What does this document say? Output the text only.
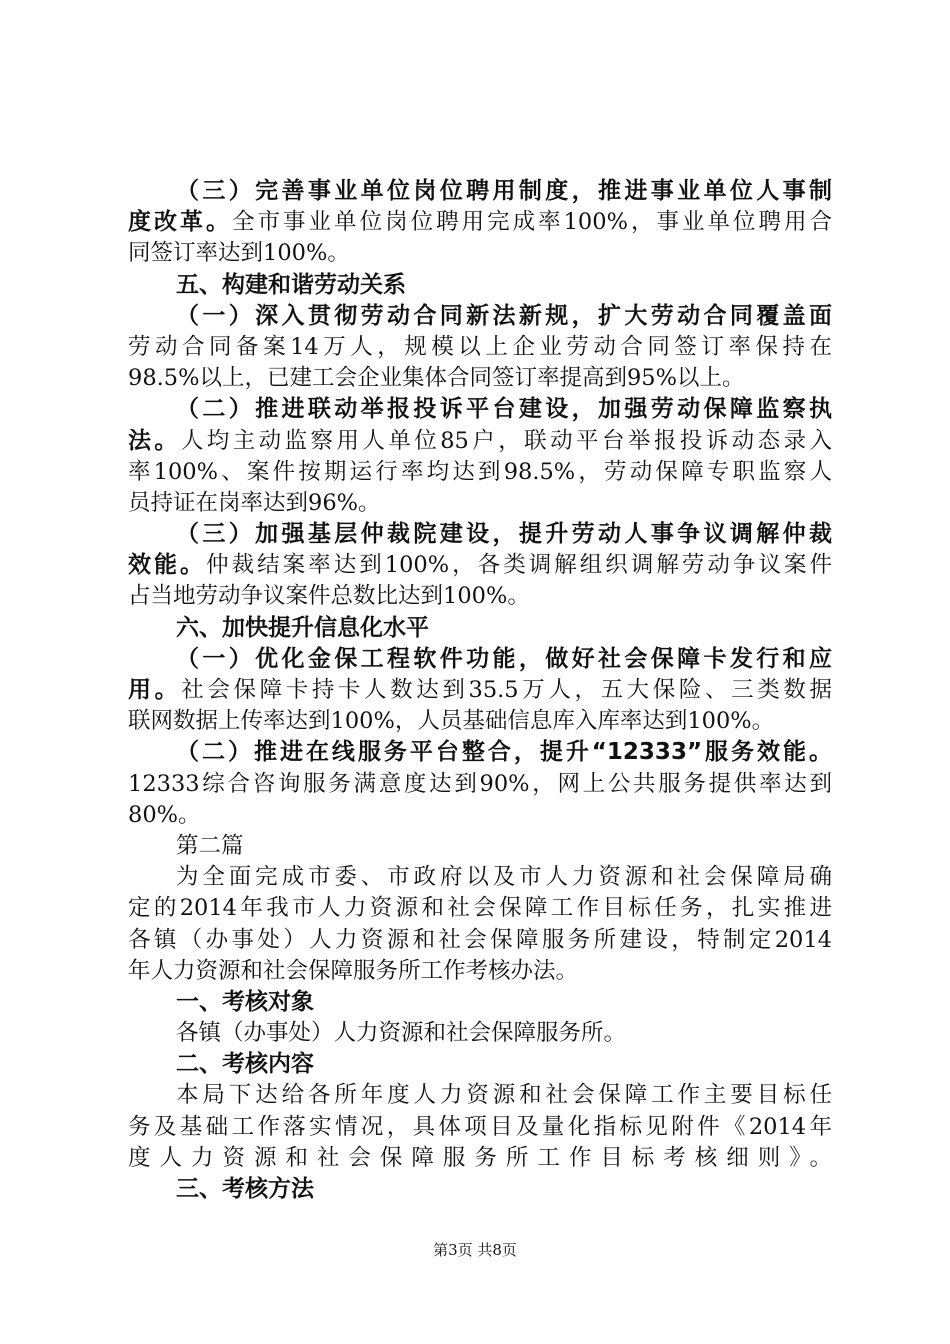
（三）完善事业单位岗位聘用制度，推进事业单位人事制
度改革。全市事业单位岗位聘用完成率100%，事业单位聘用合
同签订率达到100%。
五、构建和谐劳动关系
（一）深入贯彻劳动合同新法新规，扩大劳动合同覆盖面
劳动合同备案14万人，规模以上企业劳动合同签订率保持在
98.5%以上，已建工会企业集体合同签订率提高到95%以上。
（二）推进联动举报投诉平台建设，加强劳动保障监察执
法。人均主动监察用人单位85户，联动平台举报投诉动态录入
率100%、案件按期运行率均达到98.5%，劳动保障专职监察人
员持证在岗率达到96%。
（三）加强基层仲裁院建设，提升劳动人事争议调解仲裁
效能。仲裁结案率达到100%，各类调解组织调解劳动争议案件
占当地劳动争议案件总数比达到100%。
六、加快提升信息化水平
（一）优化金保工程软件功能，做好社会保障卡发行和应
用。社会保障卡持卡人数达到35.5万人，五大保险、三类数据
联网数据上传率达到100%，人员基础信息库入库率达到100%。
（二）推进在线服务平台整合，提升“12333”服务效能。
12333综合咨询服务满意度达到90%，网上公共服务提供率达到
80%。
第二篇
为全面完成市委、市政府以及市人力资源和社会保障局确
定的2014年我市人力资源和社会保障工作目标任务，扎实推进
各镇（办事处）人力资源和社会保障服务所建设，特制定2014
年人力资源和社会保障服务所工作考核办法。
一、考核对象
各镇（办事处）人力资源和社会保障服务所。
二、考核内容
本局下达给各所年度人力资源和社会保障工作主要目标任
务及基础工作落实情况，具体项目及量化指标见附件《2014年
度人力资源和社会保障服务所工作目标考核细则》。
三、考核方法
第3页 共8页
